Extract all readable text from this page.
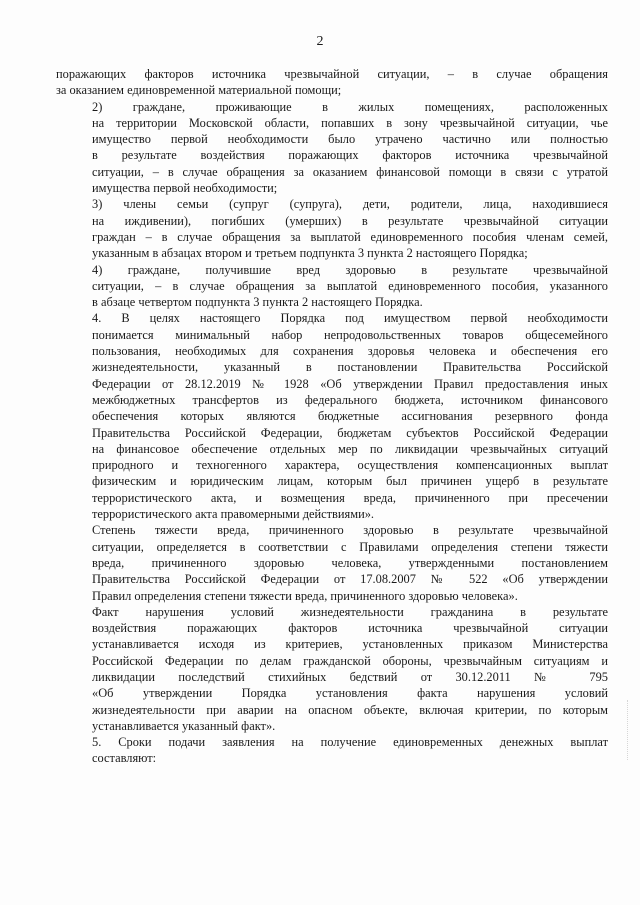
2
поражающих факторов источника чрезвычайной ситуации, – в случае обращения
за оказанием единовременной материальной помощи;
2) граждане, проживающие в жилых помещениях, расположенных
на территории Московской области, попавших в зону чрезвычайной ситуации, чье
имущество первой необходимости было утрачено частично или полностью
в результате воздействия поражающих факторов источника чрезвычайной
ситуации, – в случае обращения за оказанием финансовой помощи в связи с утратой
имущества первой необходимости;
3) члены семьи (супруг (супруга), дети, родители, лица, находившиеся
на иждивении), погибших (умерших) в результате чрезвычайной ситуации
граждан – в случае обращения за выплатой единовременного пособия членам семей,
указанным в абзацах втором и третьем подпункта 3 пункта 2 настоящего Порядка;
4) граждане, получившие вред здоровью в результате чрезвычайной
ситуации, – в случае обращения за выплатой единовременного пособия, указанного
в абзаце четвертом подпункта 3 пункта 2 настоящего Порядка.
4. В целях настоящего Порядка под имуществом первой необходимости
понимается минимальный набор непродовольственных товаров общесемейного
пользования, необходимых для сохранения здоровья человека и обеспечения его
жизнедеятельности, указанный в постановлении Правительства Российской
Федерации от 28.12.2019 № 1928 «Об утверждении Правил предоставления иных
межбюджетных трансфертов из федерального бюджета, источником финансового
обеспечения которых являются бюджетные ассигнования резервного фонда
Правительства Российской Федерации, бюджетам субъектов Российской Федерации
на финансовое обеспечение отдельных мер по ликвидации чрезвычайных ситуаций
природного и техногенного характера, осуществления компенсационных выплат
физическим и юридическим лицам, которым был причинен ущерб в результате
террористического акта, и возмещения вреда, причиненного при пресечении
террористического акта правомерными действиями».
Степень тяжести вреда, причиненного здоровью в результате чрезвычайной
ситуации, определяется в соответствии с Правилами определения степени тяжести
вреда, причиненного здоровью человека, утвержденными постановлением
Правительства Российской Федерации от 17.08.2007 № 522 «Об утверждении
Правил определения степени тяжести вреда, причиненного здоровью человека».
Факт нарушения условий жизнедеятельности гражданина в результате
воздействия поражающих факторов источника чрезвычайной ситуации
устанавливается исходя из критериев, установленных приказом Министерства
Российской Федерации по делам гражданской обороны, чрезвычайным ситуациям и
ликвидации последствий стихийных бедствий от 30.12.2011 № 795
«Об утверждении Порядка установления факта нарушения условий
жизнедеятельности при аварии на опасном объекте, включая критерии, по которым
устанавливается указанный факт».
5. Сроки подачи заявления на получение единовременных денежных выплат
составляют:
